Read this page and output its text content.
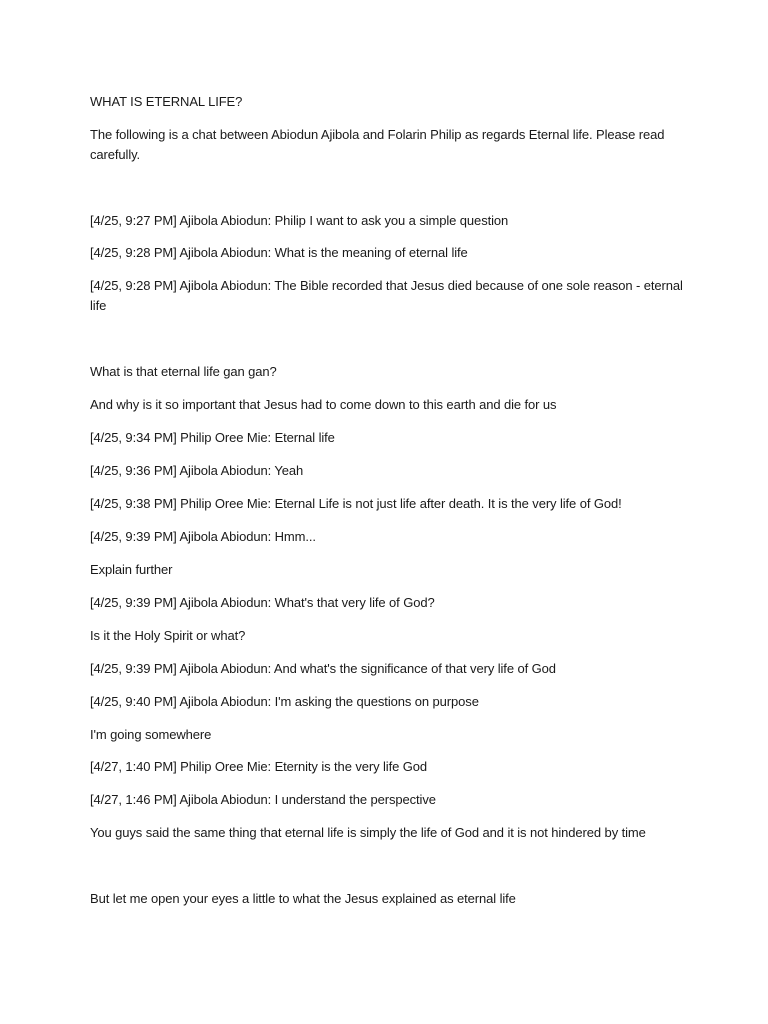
WHAT IS ETERNAL LIFE?

The following is a chat between Abiodun Ajibola and Folarin Philip as regards Eternal life. Please read carefully.

[4/25, 9:27 PM] Ajibola Abiodun: Philip I want to ask you a simple question

[4/25, 9:28 PM] Ajibola Abiodun: What is the meaning of eternal life

[4/25, 9:28 PM] Ajibola Abiodun: The Bible recorded that Jesus died because of one sole reason - eternal life

What is that eternal life gan gan?

And why is it so important that Jesus had to come down to this earth and die for us

[4/25, 9:34 PM] Philip Oree Mie: Eternal life

[4/25, 9:36 PM] Ajibola Abiodun: Yeah

[4/25, 9:38 PM] Philip Oree Mie: Eternal Life is not just life after death. It is the very life of God!

[4/25, 9:39 PM] Ajibola Abiodun: Hmm...

Explain further

[4/25, 9:39 PM] Ajibola Abiodun: What's that very life of God?

Is it the Holy Spirit or what?

[4/25, 9:39 PM] Ajibola Abiodun: And what's the significance of that very life of God

[4/25, 9:40 PM] Ajibola Abiodun: I'm asking the questions on purpose

I'm going somewhere

[4/27, 1:40 PM] Philip Oree Mie: Eternity is the very life God

[4/27, 1:46 PM] Ajibola Abiodun: I understand the perspective

You guys said the same thing that eternal life is simply the life of God and it is not hindered by time

But let me open your eyes a little to what the Jesus explained as eternal life
